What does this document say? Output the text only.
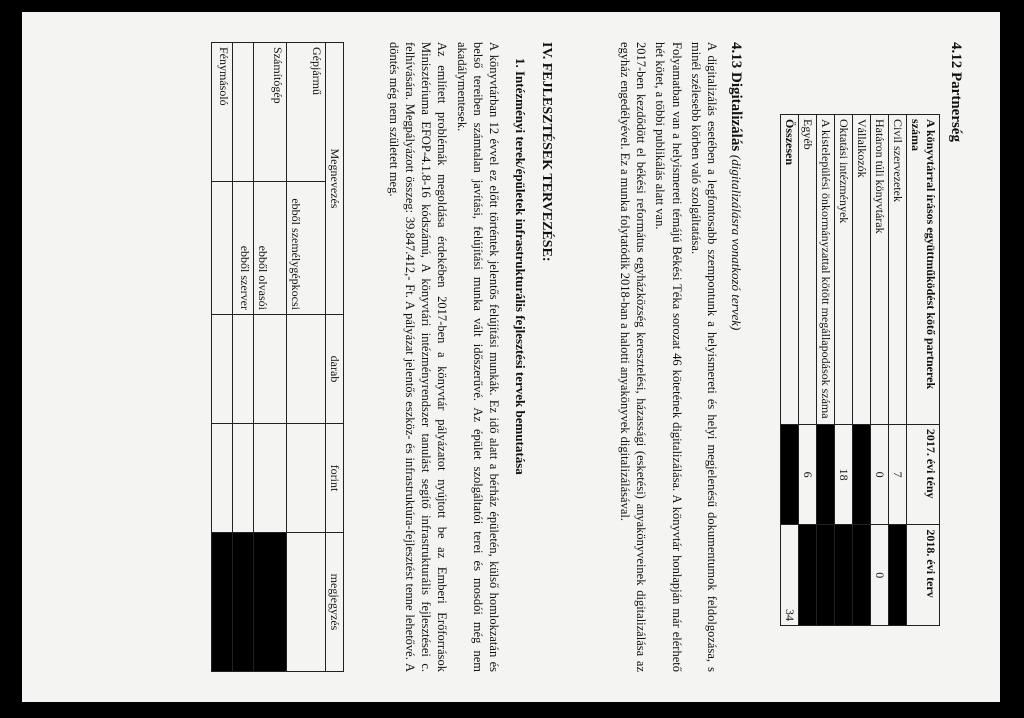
4.12 Partnerség
A könyvtárral írásos együttműködést kötő partnerek száma	2017. évi tény	2018. évi terv
Civil szervezetek	7	
Határon túli könyvtárak	0	0
Vállalkozók		
Oktatási intézmények	18	
A kistelepülési önkormányzattal kötött megállapodások száma		
Egyéb	6	
Összesen		34
4.13 Digitalizálás (digitalizálásra vonatkozó tervek)

A digitalizálás esetében a legfontosabb szempontunk a helyismereti és helyi megjelenésű dokumentumok feldolgozása, s minél szélesebb körben való szolgáltatása.

Folyamatban van a helyismereti témájú Békési Téka sorozat 46 kötetének digitalizálása. A könyvtár honlapján már elérhető hét kötet, a többi publikálás alatt van.

2017-ben kezdődött el békési református egyházközség keresztelési, házassági (esketési) anyakönyveinek digitalizálása az egyház engedélyével. Ez a munka folytatódik 2018-ban a halotti anyakönyvek digitalizálásával.

IV. FEJLESZTÉSEK TERVEZÉSE:
1. Intézményi terek/épületek infrastrukturális fejlesztési tervek bemutatása

A könyvtárban 12 évvel ez előtt történtek jelentős felújítási munkák. Ez idő alatt a bérház épületén, külső homlokzatán és belső tereiben számtalan javítási, felújítási munka vált időszerűvé. Az épület szolgáltatói terei és mosdói még nem akadálymentesek.

Az említett problémák megoldása érdekében 2017-ben a könyvtár pályázatot nyújtott be az Emberi Erőforrások Minisztériuma EFOP-4.1.8-16 kódszámú, A könyvtári intézményrendszer tanulást segítő infrastrukturális fejlesztései c. felhívására. Megpályázott összeg: 39.847.412,- Ft. A pályázat jelentős eszköz- és infrastruktúra-fejlesztést tenne lehetővé. A döntés még nem született meg.

Megnevezés		darab	forint	megjegyzés
Gépjármű	ebből személygépkocsi			
Számítógép	ebből olvasói			
	ebből szerver			
Fénymásoló				
